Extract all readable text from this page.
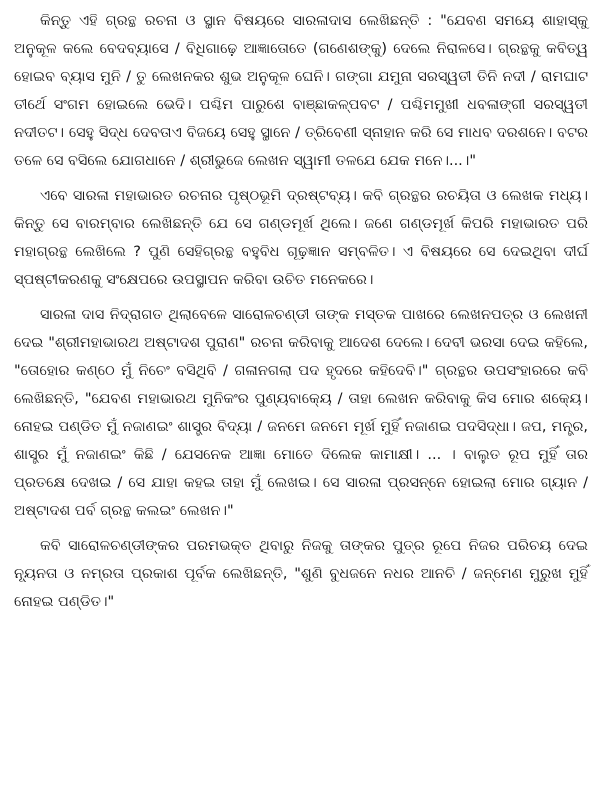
କିନ୍ତୁ ଏହି ଗ୍ରନ୍ଥ ରଚନା ଓ ସ୍ଥାନ ବିଷୟରେ ସାରଳାଦାସ ଲେଖିଛନ୍ତି : "ଯେବଣ ସମୟେ ଶାହାସ୍କୁ ଅନୁକୂଳ କଲେ ବେଦବ୍ୟାସେ / ବିଧିଗାଢ଼େ ଆଜ୍ଞାତୋତେ (ଗଣେଶଙ୍କୁ) ଦେଲେ ନିରାଳସେ। ଗ୍ରନ୍ଥକୁ କବିତ୍ୱ ହୋଇବ ବ୍ୟାସ ମୁନି / ତୁ ଲେଖନକର ଶୁଭ ଅନୁକୂଳ ଘେନି। ଗଙ୍ଗା ଯମୁନା ସରସ୍ୱତୀ ତିନି ନଦୀ / ରାମଘାଟ ତୀର୍ଥେ ସଂଗମ ହୋଇଲେ ଭେଦି। ପଶ୍ଚିମ ପାରୁଶେ ବାଞ୍ଛାକଳ୍ପବଟ / ପଶ୍ଚିମମୁଖୀ ଧବଳାଙ୍ଗୀ ସରସ୍ୱତୀ ନଦୀତଟ। ସେହୁ ସିଦ୍ଧ ଦେବତାଏ ବିଜୟେ ସେହୁ ସ୍ଥାନେ / ତ୍ରିବେଣୀ ସ୍ନାହାନ କରି ସେ ମାଧବ ଦରଶନେ। ବଟର ତଳେ ସେ ବସିଲେ ଯୋଗଧାନେ / ଶ୍ରୀଭୁଜେ ଲେଖନ ସ୍ୱାମୀ ତଳଯେ ଯେକ ମନେ।...।"

ଏବେ ସାରଳା ମହାଭାରତ ରଚନାର ପୃଷ୍ଠଭୂମି ଦ୍ରଷ୍ଟବ୍ୟ। କବି ଗ୍ରନ୍ଥର ରଚୟିତା ଓ ଲେଖକ ମଧ୍ୟ। କିନ୍ତୁ ସେ ବାରମ୍ବାର ଲେଖିଛନ୍ତି ଯେ ସେ ଗଣ୍ଡମୂର୍ଖ ଥିଲେ। ଜଣେ ଗଣ୍ଡମୂର୍ଖ କିପରି ମହାଭାରତ ପରି ମହାଗ୍ରନ୍ଥ ଲେଖିଲେ ? ପୁଣି ସେହିଗ୍ରନ୍ଥ ବହୁବିଧ ଗୂଢ଼ଜ୍ଞାନ ସମ୍ବଳିତ। ଏ ବିଷୟରେ ସେ ଦେଇଥିବା ଦୀର୍ଘ ସ୍ପଷ୍ଟୀକରଣକୁ ସଂକ୍ଷେପରେ ଉପସ୍ଥାପନ କରିବା ଉଚିତ ମନେକରେ।

ସାରଳା ଦାସ ନିଦ୍ରାଗତ ଥିଲାବେଳେ ସାରୋଳଚଣ୍ଡୀ ତାଙ୍କ ମସ୍ତକ ପାଖରେ ଲେଖନପତ୍ର ଓ ଲେଖନୀ ଦେଇ "ଶ୍ରୀମହାଭାରଥ ଅଷ୍ଟାଦଶ ପୁରାଣ" ରଚନା କରିବାକୁ ଆଦେଶ ଦେଲେ। ଦେବୀ ଭରସା ଦେଇ କହିଲେ, "ତୋହୋର କଣ୍ଠେ ମୁଁ ନିଚେଂ ବସିଥିବି / ଗଳାନଗଲା ପଦ ହୃଦରେ କହିଦେବି।" ଗ୍ରନ୍ଥର ଉପସଂହାରରେ କବି ଲେଖିଛନ୍ତି, "ଯେବଣ ମହାଭାରଥ ମୁନିକଂର ପୁଣ୍ୟବାକ୍ୟେ / ତାହା ଲେଖନ କରିବାକୁ କିସ ମୋର ଶକ୍ୟେ। ନୋହଇ ପଣ୍ଡିତ ମୁଁ ନଜାଣଇଂ ଶାସ୍ତ୍ର ବିଦ୍ୟା / ଜନମେ ଜନମେ ମୂର୍ଖ ମୁହିଁ ନଜାଣଇ ପଦସିଦ୍ଧା। ଜପ, ମନ୍ତ୍ର, ଶାସ୍ତ୍ର ମୁଁ ନଜାଣଇଂ କିଛି / ଯେସନେକ ଆଜ୍ଞା ମୋତେ ଦିଲେକ କାମାକ୍ଷୀ। ... । ବାଲୁତ ରୂପ ମୁହିଁ ତାର ପ୍ରତକ୍ଷେ ଦେଖଇ / ସେ ଯାହା କହଇ ତାହା ମୁଁ ଲେଖଇ। ସେ ସାରଳା ପ୍ରସନ୍ନେ ହୋଇଲା ମୋର ଗ୍ୟାନ / ଅଷ୍ଟାଦଶ ପର୍ବ ଗ୍ରନ୍ଥ କଲଇଂ ଲେଖନ।"

କବି ସାରୋଳଚଣ୍ଡୀଙ୍କର ପରମଭକ୍ତ ଥିବାରୁ ନିଜକୁ ତାଙ୍କର ପୁତ୍ର ରୂପେ ନିଜର ପରିଚୟ ଦେଇ ନ୍ୟୂନତା ଓ ନମ୍ରତା ପ୍ରକାଶ ପୂର୍ବକ ଲେଖିଛନ୍ତି, "ଶୁଣି ବୁଧଜନେ ନଧର ଆନଚି / ଜନ୍ମେଣ ମୁରୁଖ ମୁହିଁ ନୋହଇ ପଣ୍ଡିତ।"
